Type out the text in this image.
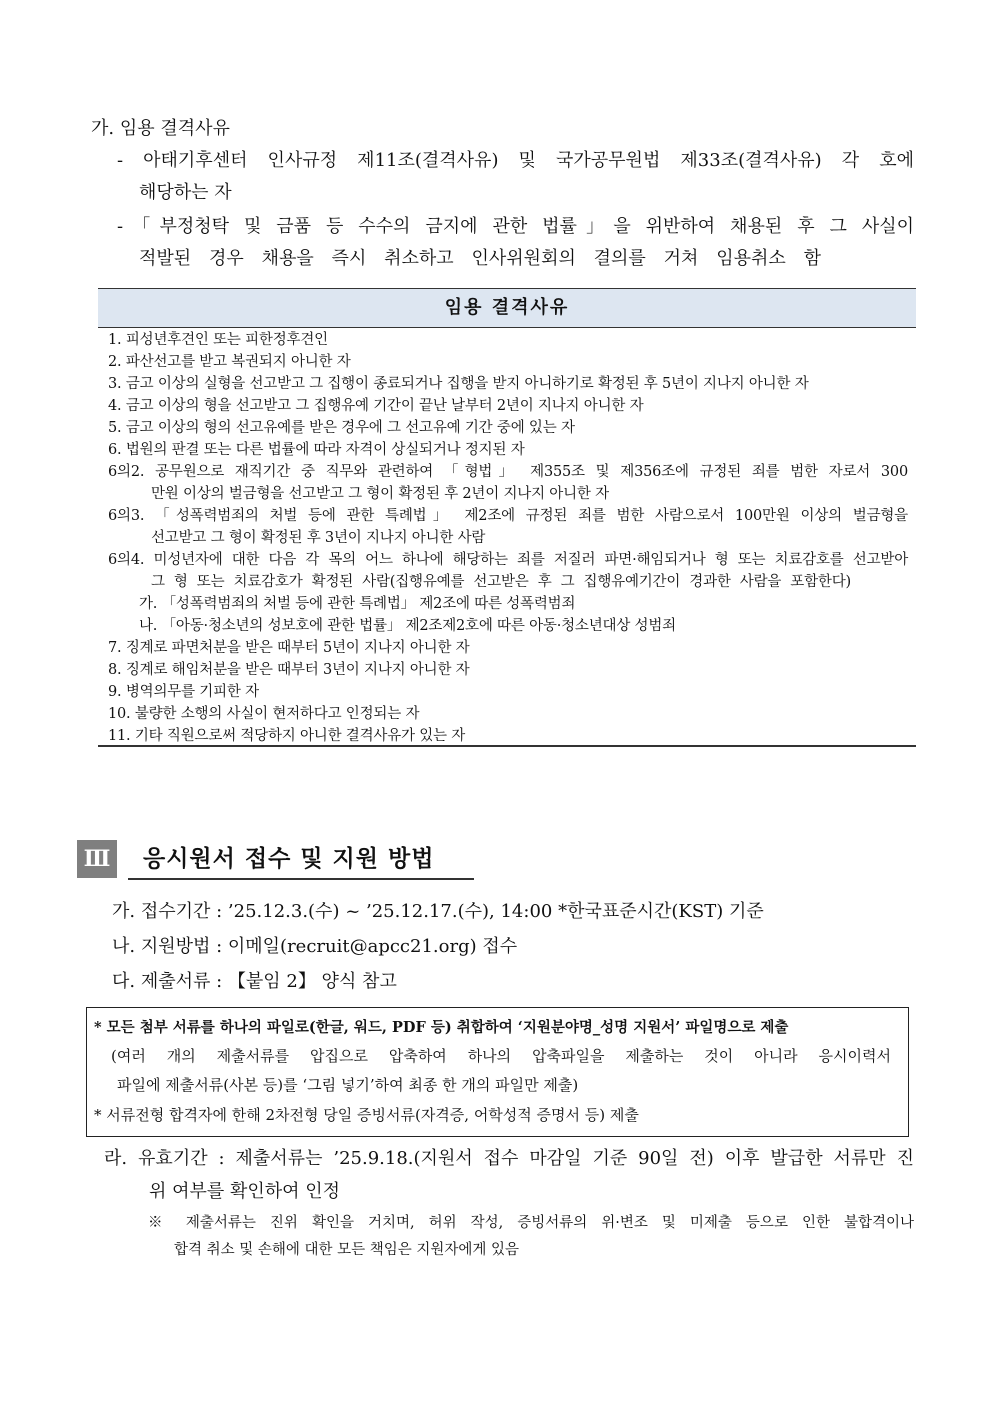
가. 임용 결격사유
- 아태기후센터 인사규정 제11조(결격사유) 및 국가공무원법 제33조(결격사유) 각 호에
해당하는 자
-「부정청탁 및 금품 등 수수의 금지에 관한 법률」을 위반하여 채용된 후 그 사실이
적발된 경우 채용을 즉시 취소하고 인사위원회의 결의를 거쳐 임용취소 함
임용 결격사유
1. 피성년후견인 또는 피한정후견인
2. 파산선고를 받고 복권되지 아니한 자
3. 금고 이상의 실형을 선고받고 그 집행이 종료되거나 집행을 받지 아니하기로 확정된 후 5년이 지나지 아니한 자
4. 금고 이상의 형을 선고받고 그 집행유예 기간이 끝난 날부터 2년이 지나지 아니한 자
5. 금고 이상의 형의 선고유예를 받은 경우에 그 선고유예 기간 중에 있는 자
6. 법원의 판결 또는 다른 법률에 따라 자격이 상실되거나 정지된 자
6의2. 공무원으로 재직기간 중 직무와 관련하여 「형법」 제355조 및 제356조에 규정된 죄를 범한 자로서 300
만원 이상의 벌금형을 선고받고 그 형이 확정된 후 2년이 지나지 아니한 자
6의3. 「성폭력범죄의 처벌 등에 관한 특례법」 제2조에 규정된 죄를 범한 사람으로서 100만원 이상의 벌금형을
선고받고 그 형이 확정된 후 3년이 지나지 아니한 사람
6의4. 미성년자에 대한 다음 각 목의 어느 하나에 해당하는 죄를 저질러 파면·해임되거나 형 또는 치료감호를 선고받아
그 형 또는 치료감호가 확정된 사람(집행유예를 선고받은 후 그 집행유예기간이 경과한 사람을 포함한다)
가. 「성폭력범죄의 처벌 등에 관한 특례법」 제2조에 따른 성폭력범죄
나. 「아동·청소년의 성보호에 관한 법률」 제2조제2호에 따른 아동·청소년대상 성범죄
7. 징계로 파면처분을 받은 때부터 5년이 지나지 아니한 자
8. 징계로 해임처분을 받은 때부터 3년이 지나지 아니한 자
9. 병역의무를 기피한 자
10. 불량한 소행의 사실이 현저하다고 인정되는 자
11. 기타 직원으로써 적당하지 아니한 결격사유가 있는 자
Ⅲ 응시원서 접수 및 지원 방법
가. 접수기간 : ’25.12.3.(수) ~ ’25.12.17.(수), 14:00 *한국표준시간(KST) 기준
나. 지원방법 : 이메일(recruit@apcc21.org) 접수
다. 제출서류 : 【붙임 2】 양식 참고
* 모든 첨부 서류를 하나의 파일로(한글, 워드, PDF 등) 취합하여 ‘지원분야명_성명 지원서’ 파일명으로 제출
(여러 개의 제출서류를 압집으로 압축하여 하나의 압축파일을 제출하는 것이 아니라 응시이력서
파일에 제출서류(사본 등)를 ‘그림 넣기’하여 최종 한 개의 파일만 제출)
* 서류전형 합격자에 한해 2차전형 당일 증빙서류(자격증, 어학성적 증명서 등) 제출
라. 유효기간 : 제출서류는 ’25.9.18.(지원서 접수 마감일 기준 90일 전) 이후 발급한 서류만 진
위 여부를 확인하여 인정
※ 제출서류는 진위 확인을 거치며, 허위 작성, 증빙서류의 위·변조 및 미제출 등으로 인한 불합격이나
합격 취소 및 손해에 대한 모든 책임은 지원자에게 있음
